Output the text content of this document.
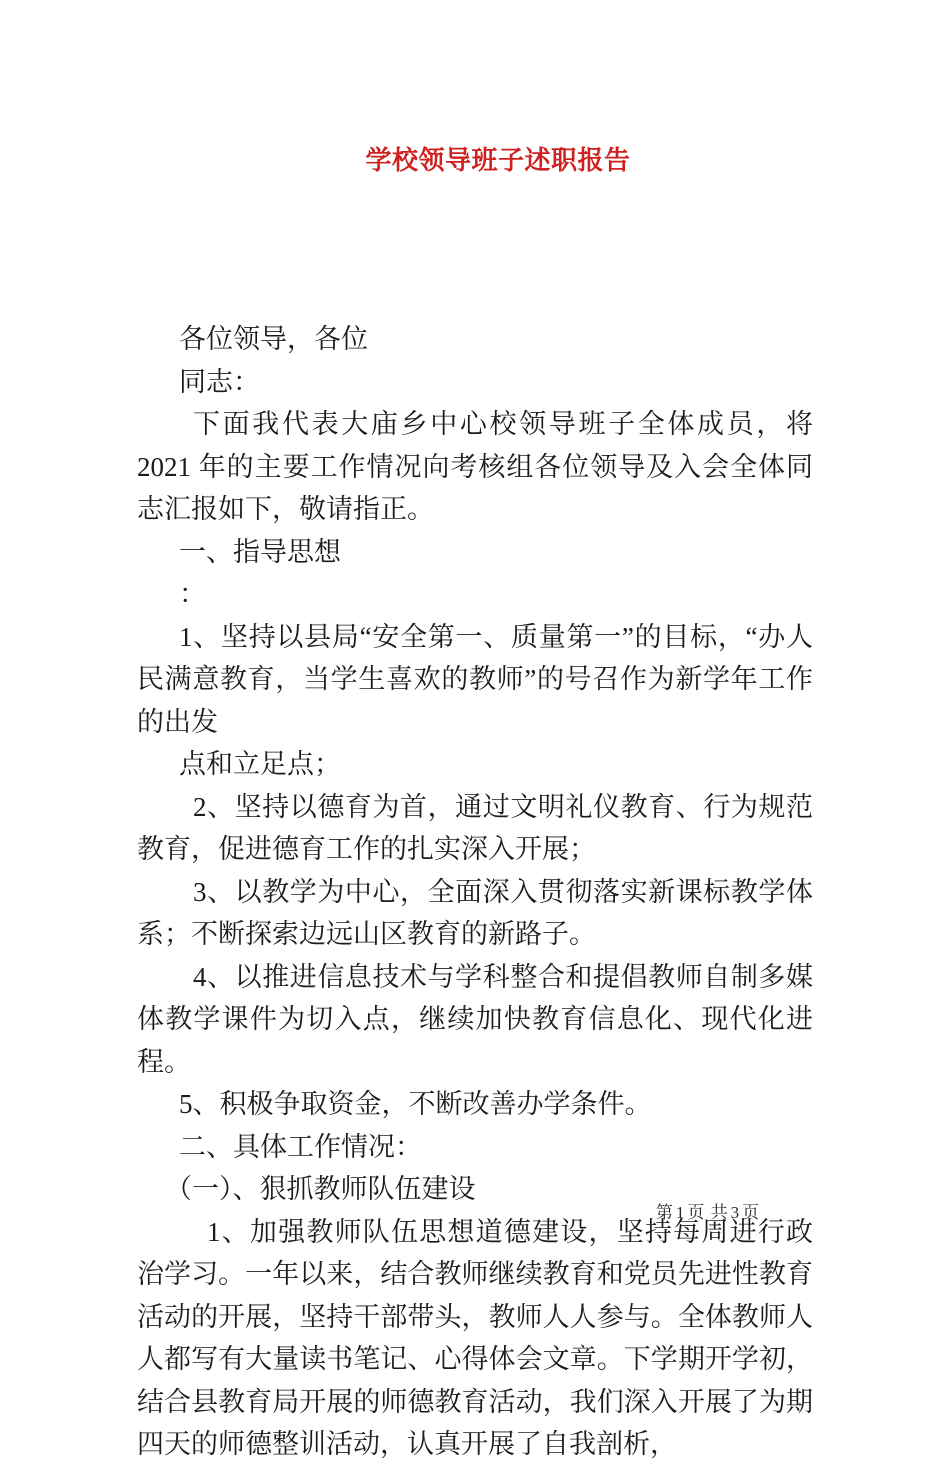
学校领导班子述职报告

各位领导，各位

同志：

下面我代表大庙乡中心校领导班子全体成员，将 2021 年的主要工作情况向考核组各位领导及入会全体同志汇报如下，敬请指正。

一、指导思想

：

1、坚持以县局“安全第一、质量第一”的目标，“办人民满意教育，当学生喜欢的教师”的号召作为新学年工作的出发

点和立足点；

2、坚持以德育为首，通过文明礼仪教育、行为规范教育，促进德育工作的扎实深入开展；

3、以教学为中心，全面深入贯彻落实新课标教学体系；不断探索边远山区教育的新路子。

4、以推进信息技术与学科整合和提倡教师自制多媒体教学课件为切入点，继续加快教育信息化、现代化进程。

5、积极争取资金，不断改善办学条件。

二、具体工作情况：

（一）、狠抓教师队伍建设

1、加强教师队伍思想道德建设，坚持每周进行政治学习。一年以来，结合教师继续教育和党员先进性教育活动的开展，坚持干部带头，教师人人参与。全体教师人人都写有大量读书笔记、心得体会文章。下学期开学初，结合县教育局开展的师德教育活动，我们深入开展了为期四天的师德整训活动，认真开展了自我剖析，

第 1 页 共 3 页
